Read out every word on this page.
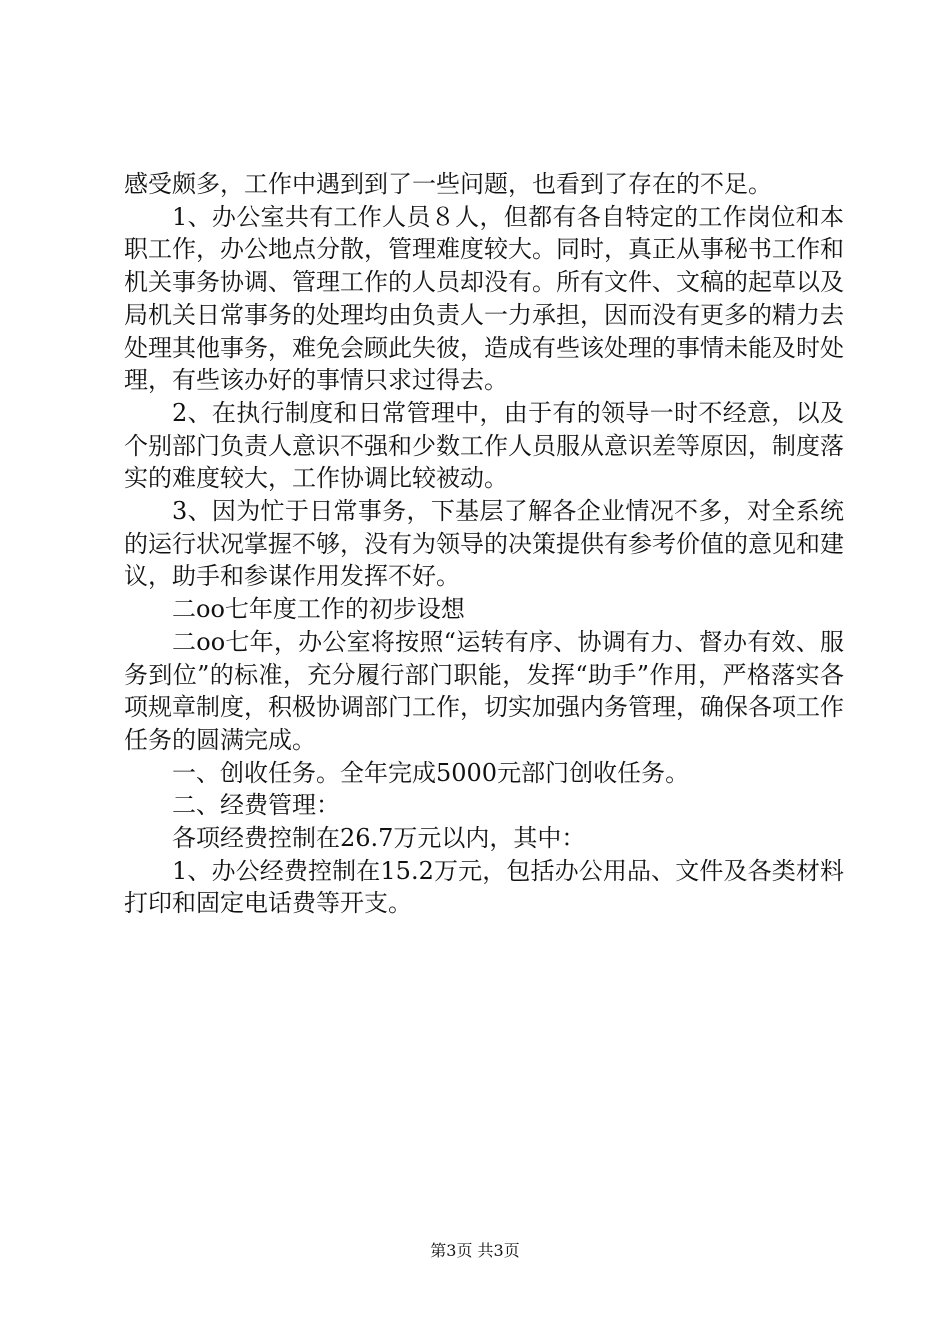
感受颇多，工作中遇到到了一些问题，也看到了存在的不足。

1、办公室共有工作人员８人，但都有各自特定的工作岗位和本职工作，办公地点分散，管理难度较大。同时，真正从事秘书工作和机关事务协调、管理工作的人员却没有。所有文件、文稿的起草以及局机关日常事务的处理均由负责人一力承担，因而没有更多的精力去处理其他事务，难免会顾此失彼，造成有些该处理的事情未能及时处理，有些该办好的事情只求过得去。

2、在执行制度和日常管理中，由于有的领导一时不经意，以及个别部门负责人意识不强和少数工作人员服从意识差等原因，制度落实的难度较大，工作协调比较被动。

3、因为忙于日常事务，下基层了解各企业情况不多，对全系统的运行状况掌握不够，没有为领导的决策提供有参考价值的意见和建议，助手和参谋作用发挥不好。

二oo七年度工作的初步设想

二oo七年，办公室将按照“运转有序、协调有力、督办有效、服务到位”的标准，充分履行部门职能，发挥“助手”作用，严格落实各项规章制度，积极协调部门工作，切实加强内务管理，确保各项工作任务的圆满完成。

一、创收任务。全年完成5000元部门创收任务。

二、经费管理：

各项经费控制在26.7万元以内，其中：

1、办公经费控制在15.2万元，包括办公用品、文件及各类材料打印和固定电话费等开支。

第3页 共3页
